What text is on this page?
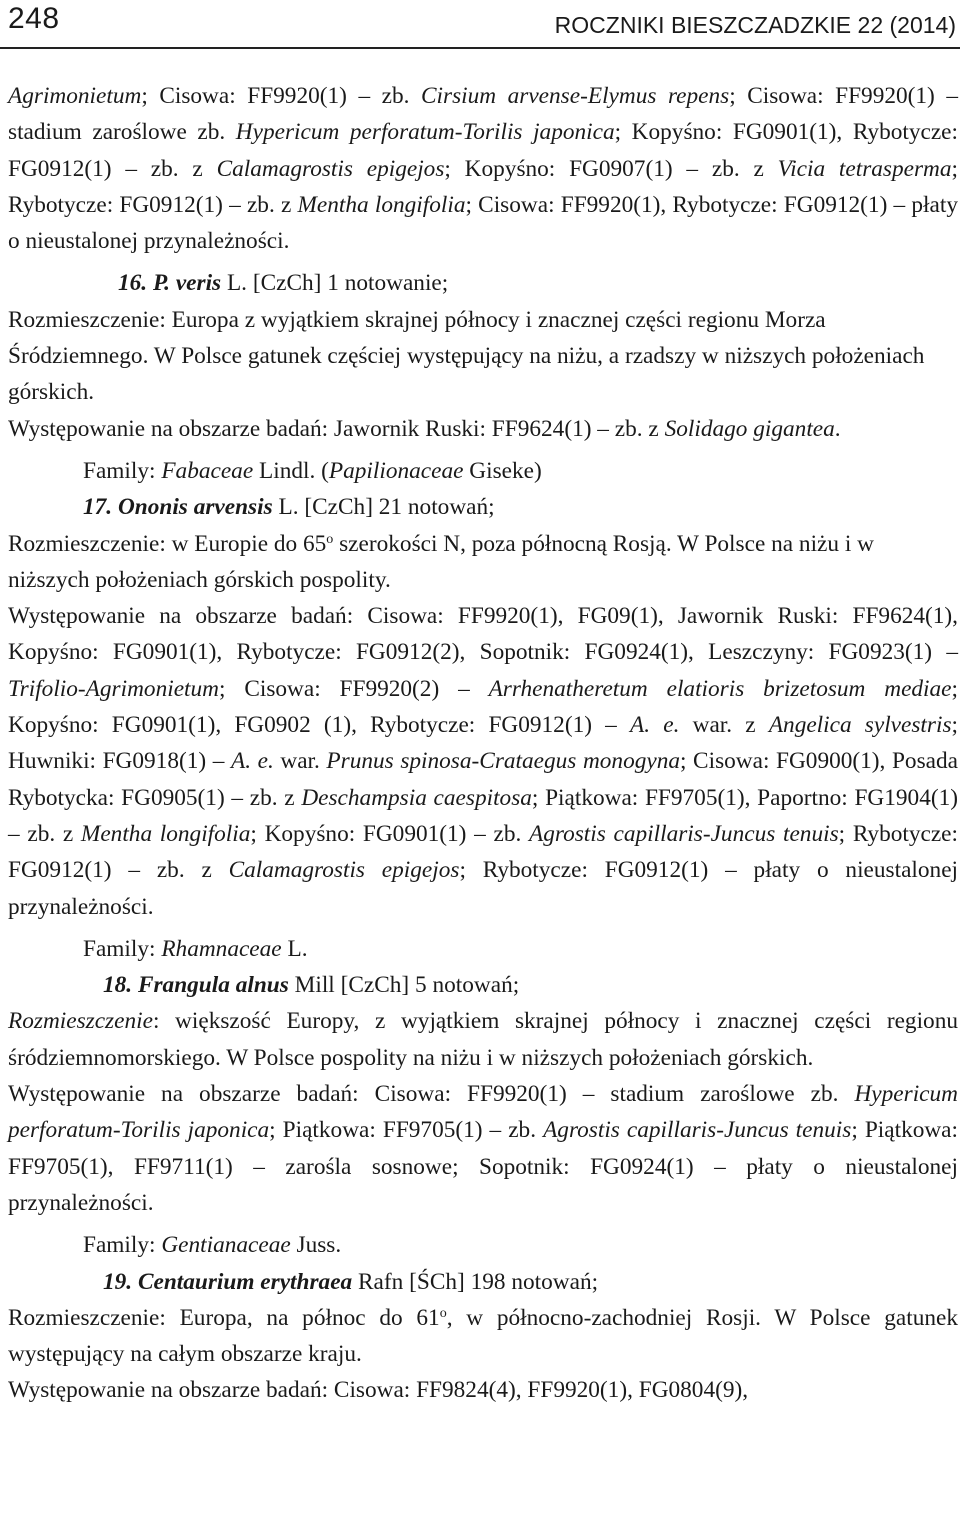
248	ROCZNIKI BIESZCZADZKIE 22 (2014)

Agrimonietum; Cisowa: FF9920(1) – zb. Cirsium arvense-Elymus repens; Cisowa: FF9920(1) – stadium zaroślowe zb. Hypericum perforatum-Torilis japonica; Kopyśno: FG0901(1), Rybotycze: FG0912(1) – zb. z Calamagrostis epigejos; Kopyśno: FG0907(1) – zb. z Vicia tetrasperma; Rybotycze: FG0912(1) – zb. z Mentha longifolia; Cisowa: FF9920(1), Rybotycze: FG0912(1) – płaty o nieustalonej przynależności.

16. P. veris L. [CzCh] 1 notowanie;

Rozmieszczenie: Europa z wyjątkiem skrajnej północy i znacznej części regionu Morza Śródziemnego. W Polsce gatunek częściej występujący na niżu, a rzadszy w niższych położeniach górskich.

Występowanie na obszarze badań: Jawornik Ruski: FF9624(1) – zb. z Solidago gigantea.

Family: Fabaceae Lindl. (Papilionaceae Giseke)

17. Ononis arvensis L. [CzCh] 21 notowań;

Rozmieszczenie: w Europie do 65$^o$ szerokości N, poza północną Rosją. W Polsce na niżu i w niższych położeniach górskich pospolity.

Występowanie na obszarze badań: Cisowa: FF9920(1), FG09(1), Jawornik Ruski: FF9624(1), Kopyśno: FG0901(1), Rybotycze: FG0912(2), Sopotnik: FG0924(1), Leszczyny: FG0923(1) – Trifolio-Agrimonietum; Cisowa: FF9920(2) – Arrhenatheretum elatioris brizetosum mediae; Kopyśno: FG0901(1), FG0902 (1), Rybotycze: FG0912(1) – A. e. war. z Angelica sylvestris; Huwniki: FG0918(1) – A. e. war. Prunus spinosa-Crataegus monogyna; Cisowa: FG0900(1), Posada Rybotycka: FG0905(1) – zb. z Deschampsia caespitosa; Piątkowa: FF9705(1), Paportno: FG1904(1) – zb. z Mentha longifolia; Kopyśno: FG0901(1) – zb. Agrostis capillaris-Juncus tenuis; Rybotycze: FG0912(1) – zb. z Calamagrostis epigejos; Rybotycze: FG0912(1) – płaty o nieustalonej przynależności.

Family: Rhamnaceae L.

18. Frangula alnus Mill [CzCh] 5 notowań;

Rozmieszczenie: większość Europy, z wyjątkiem skrajnej północy i znacznej części regionu śródziemnomorskiego. W Polsce pospolity na niżu i w niższych położeniach górskich.

Występowanie na obszarze badań: Cisowa: FF9920(1) – stadium zaroślowe zb. Hypericum perforatum-Torilis japonica; Piątkowa: FF9705(1) – zb. Agrostis capillaris-Juncus tenuis; Piątkowa: FF9705(1), FF9711(1) – zarośla sosnowe; Sopotnik: FG0924(1) – płaty o nieustalonej przynależności.

Family: Gentianaceae Juss.

19. Centaurium erythraea Rafn [ŚCh] 198 notowań;

Rozmieszczenie: Europa, na północ do 61$^o$, w północno-zachodniej Rosji. W Polsce gatunek występujący na całym obszarze kraju.

Występowanie na obszarze badań: Cisowa: FF9824(4), FF9920(1), FG0804(9),
